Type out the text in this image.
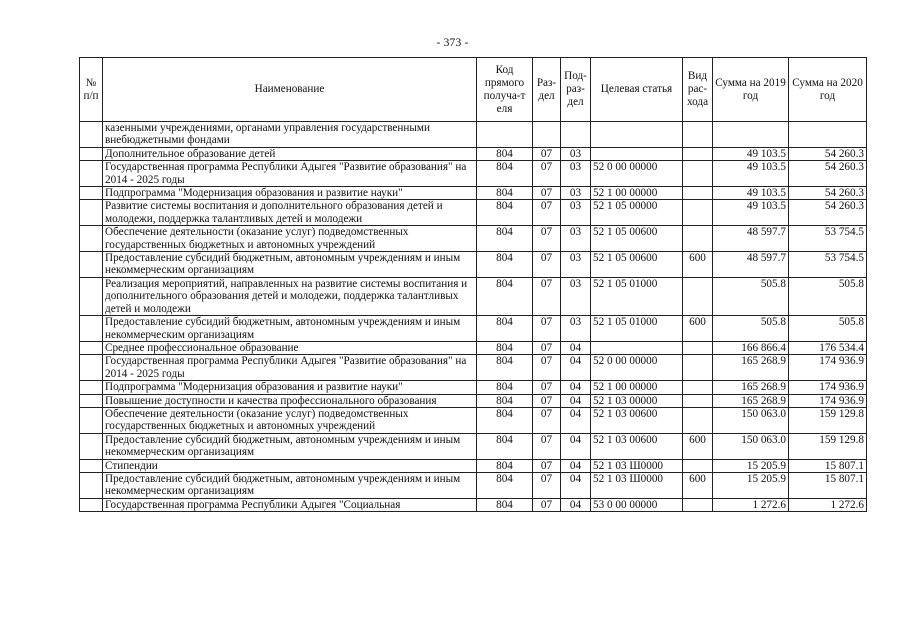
- 373 -
№ п/п	Наименование	Код прямого получа-т еля	Раз-дел	Под-раз-дел	Целевая статья	Вид рас-хода	Сумма на 2019 год	Сумма на 2020 год
	казенными учреждениями, органами управления государственными внебюджетными фондами							
	Дополнительное образование детей	804	07	03			49 103.5	54 260.3
	Государственная программа Республики Адыгея "Развитие образования" на 2014 - 2025 годы	804	07	03	52 0 00 00000		49 103.5	54 260.3
	Подпрограмма "Модернизация образования и развитие науки"	804	07	03	52 1 00 00000		49 103.5	54 260.3
	Развитие системы воспитания и дополнительного образования детей и молодежи, поддержка талантливых детей и молодежи	804	07	03	52 1 05 00000		49 103.5	54 260.3
	Обеспечение деятельности (оказание услуг) подведомственных государственных бюджетных и автономных учреждений	804	07	03	52 1 05 00600		48 597.7	53 754.5
	Предоставление субсидий бюджетным, автономным учреждениям и иным некоммерческим организациям	804	07	03	52 1 05 00600	600	48 597.7	53 754.5
	Реализация мероприятий, направленных на развитие системы воспитания и дополнительного образования детей и молодежи, поддержка талантливых детей и молодежи	804	07	03	52 1 05 01000		505.8	505.8
	Предоставление субсидий бюджетным, автономным учреждениям и иным некоммерческим организациям	804	07	03	52 1 05 01000	600	505.8	505.8
	Среднее профессиональное образование	804	07	04			166 866.4	176 534.4
	Государственная программа Республики Адыгея "Развитие образования" на 2014 - 2025 годы	804	07	04	52 0 00 00000		165 268.9	174 936.9
	Подпрограмма "Модернизация образования и развитие науки"	804	07	04	52 1 00 00000		165 268.9	174 936.9
	Повышение доступности и качества профессионального образования	804	07	04	52 1 03 00000		165 268.9	174 936.9
	Обеспечение деятельности (оказание услуг) подведомственных государственных бюджетных и автономных учреждений	804	07	04	52 1 03 00600		150 063.0	159 129.8
	Предоставление субсидий бюджетным, автономным учреждениям и иным некоммерческим организациям	804	07	04	52 1 03 00600	600	150 063.0	159 129.8
	Стипендии	804	07	04	52 1 03 Ш0000		15 205.9	15 807.1
	Предоставление субсидий бюджетным, автономным учреждениям и иным некоммерческим организациям	804	07	04	52 1 03 Ш0000	600	15 205.9	15 807.1
	Государственная программа Республики Адыгея "Социальная	804	07	04	53 0 00 00000		1 272.6	1 272.6
